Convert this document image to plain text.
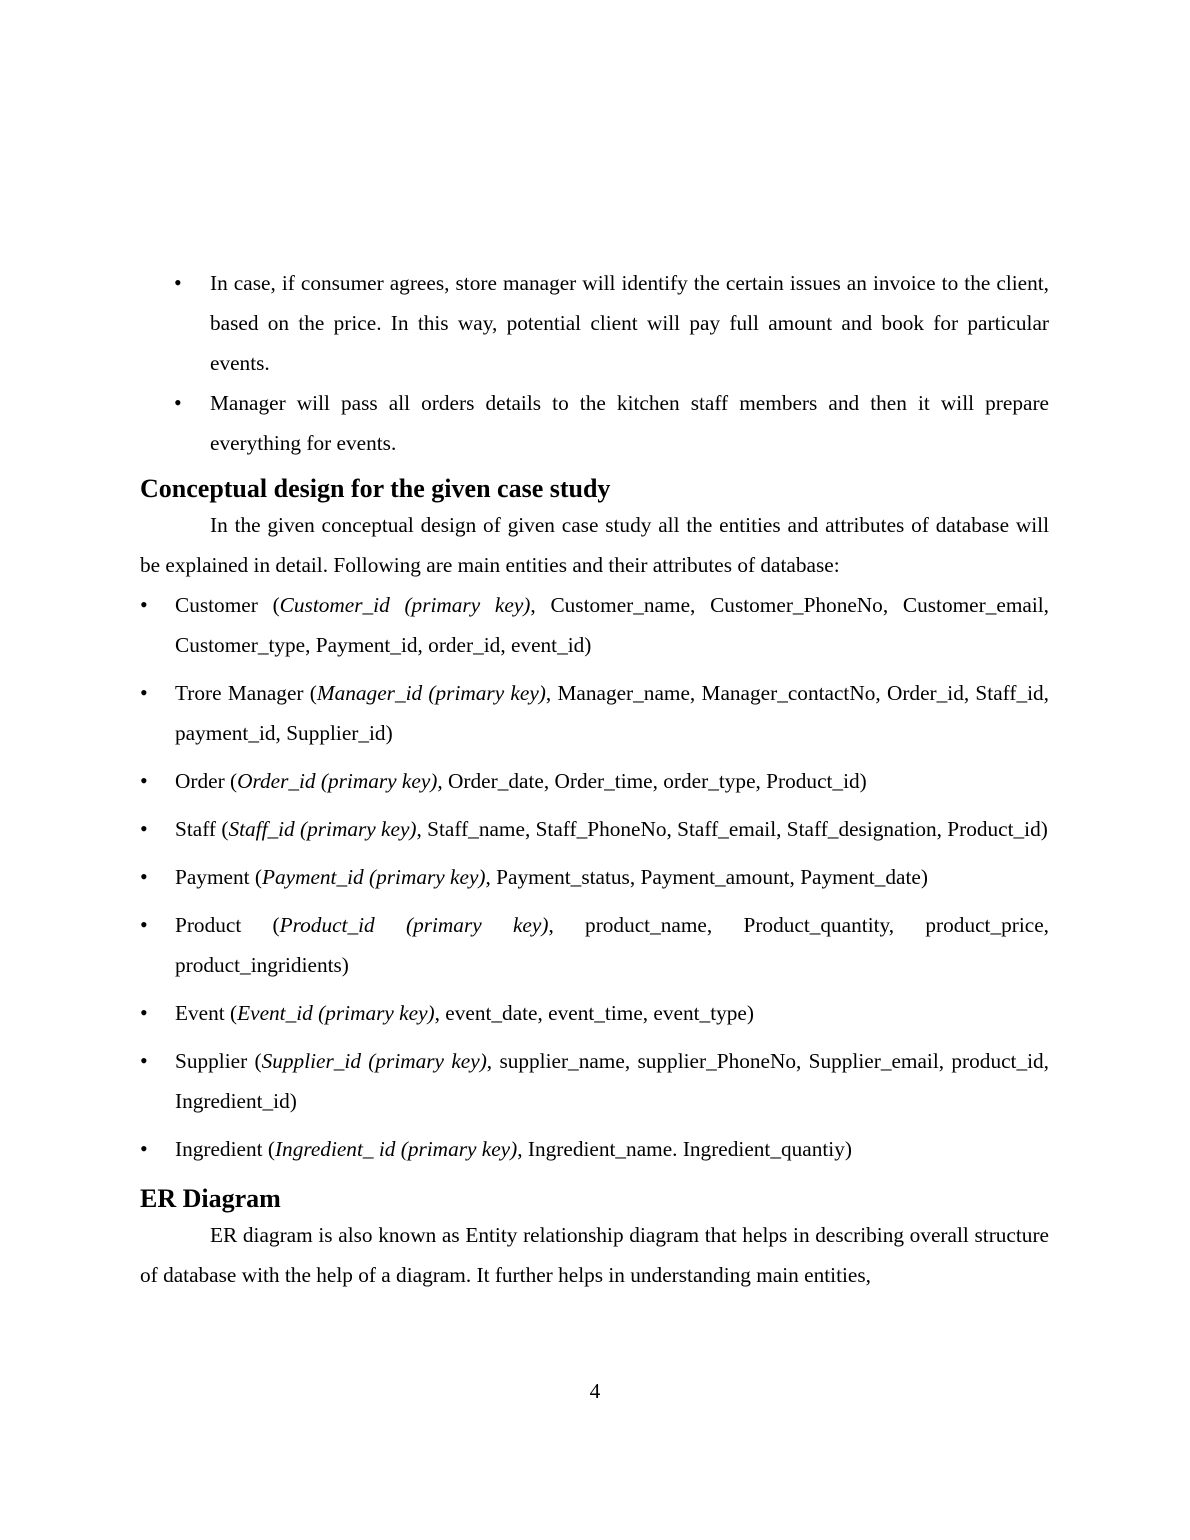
• In case, if consumer agrees, store manager will identify the certain issues an invoice to the client, based on the price. In this way, potential client will pay full amount and book for particular events.
• Manager will pass all orders details to the kitchen staff members and then it will prepare everything for events.
Conceptual design for the given case study

In the given conceptual design of given case study all the entities and attributes of database will be explained in detail. Following are main entities and their attributes of database:

• Customer (Customer_id (primary key), Customer_name, Customer_PhoneNo, Customer_email, Customer_type, Payment_id, order_id, event_id)
• Trore Manager (Manager_id (primary key), Manager_name, Manager_contactNo, Order_id, Staff_id, payment_id, Supplier_id)
• Order (Order_id (primary key), Order_date, Order_time, order_type, Product_id)
• Staff (Staff_id (primary key), Staff_name, Staff_PhoneNo, Staff_email, Staff_designation, Product_id)
• Payment (Payment_id (primary key), Payment_status, Payment_amount, Payment_date)
• Product (Product_id (primary key), product_name, Product_quantity, product_price, product_ingridients)
• Event (Event_id (primary key), event_date, event_time, event_type)
• Supplier (Supplier_id (primary key), supplier_name, supplier_PhoneNo, Supplier_email, product_id, Ingredient_id)
• Ingredient (Ingredient_ id (primary key), Ingredient_name. Ingredient_quantiy)
ER Diagram

ER diagram is also known as Entity relationship diagram that helps in describing overall structure of database with the help of a diagram. It further helps in understanding main entities,

4
